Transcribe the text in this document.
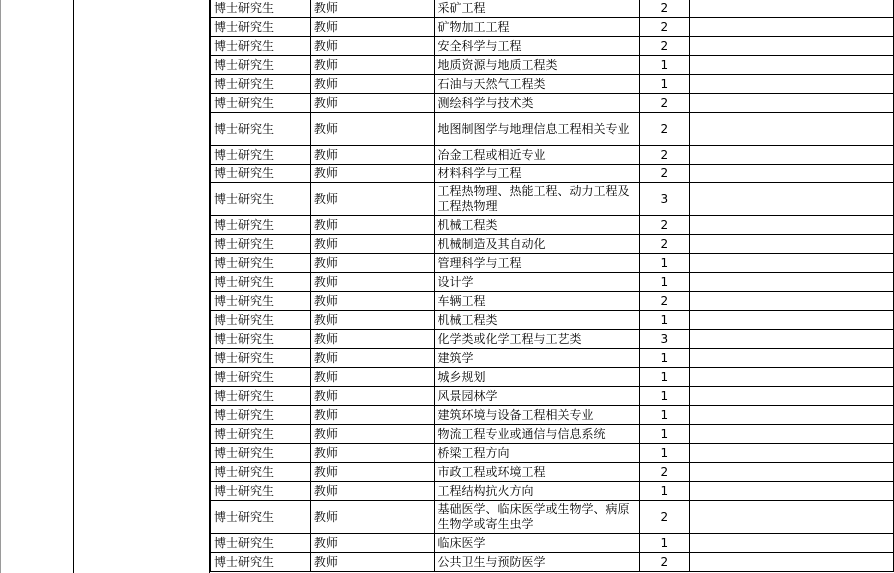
博士研究生	教师	采矿工程	2	
博士研究生	教师	矿物加工工程	2	
博士研究生	教师	安全科学与工程	2	
博士研究生	教师	地质资源与地质工程类	1	
博士研究生	教师	石油与天然气工程类	1	
博士研究生	教师	测绘科学与技术类	2	
博士研究生	教师	地图制图学与地理信息工程相关专业	2	
博士研究生	教师	冶金工程或相近专业	2	
博士研究生	教师	材料科学与工程	2	
博士研究生	教师	工程热物理、热能工程、动力工程及工程热物理	3	
博士研究生	教师	机械工程类	2	
博士研究生	教师	机械制造及其自动化	2	
博士研究生	教师	管理科学与工程	1	
博士研究生	教师	设计学	1	
博士研究生	教师	车辆工程	2	
博士研究生	教师	机械工程类	1	
博士研究生	教师	化学类或化学工程与工艺类	3	
博士研究生	教师	建筑学	1	
博士研究生	教师	城乡规划	1	
博士研究生	教师	风景园林学	1	
博士研究生	教师	建筑环境与设备工程相关专业	1	
博士研究生	教师	物流工程专业或通信与信息系统	1	
博士研究生	教师	桥梁工程方向	1	
博士研究生	教师	市政工程或环境工程	2	
博士研究生	教师	工程结构抗火方向	1	
博士研究生	教师	基础医学、临床医学或生物学、病原生物学或寄生虫学	2	
博士研究生	教师	临床医学	1	
博士研究生	教师	公共卫生与预防医学	2	
